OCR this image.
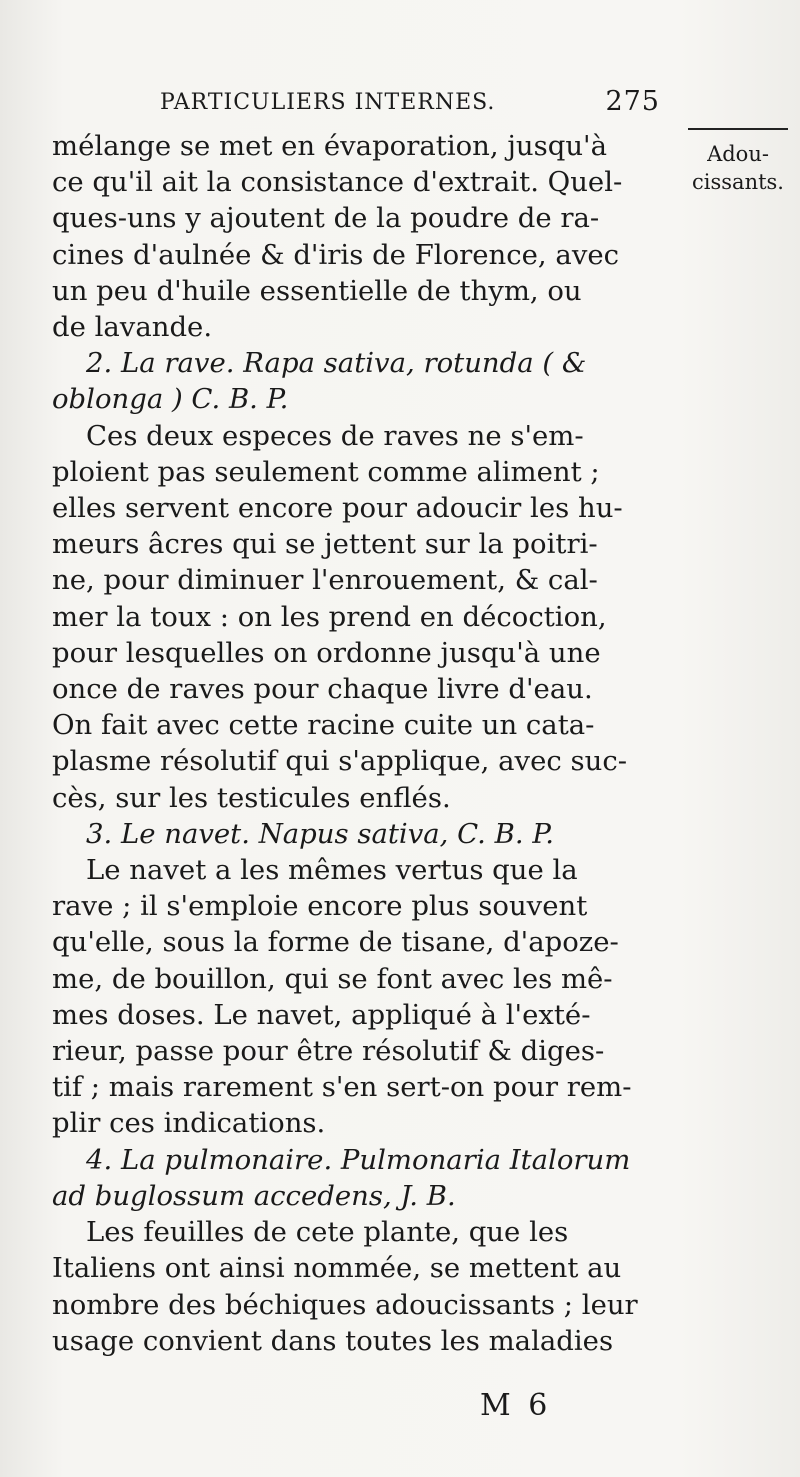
PARTICULIERS INTERNES.	275
Adou-
cissants.
mélange se met en évaporation, jusqu'à
ce qu'il ait la consistance d'extrait. Quel-
ques-uns y ajoutent de la poudre de ra-
cines d'aulnée & d'iris de Florence, avec
un peu d'huile essentielle de thym, ou
de lavande.
2. La rave. Rapa sativa, rotunda ( &
oblonga ) C. B. P.
Ces deux especes de raves ne s'em-
ploient pas seulement comme aliment ;
elles servent encore pour adoucir les hu-
meurs âcres qui se jettent sur la poitri-
ne, pour diminuer l'enrouement, & cal-
mer la toux : on les prend en décoction,
pour lesquelles on ordonne jusqu'à une
once de raves pour chaque livre d'eau.
On fait avec cette racine cuite un cata-
plasme résolutif qui s'applique, avec suc-
cès, sur les testicules enflés.
3. Le navet. Napus sativa, C. B. P.
Le navet a les mêmes vertus que la
rave ; il s'emploie encore plus souvent
qu'elle, sous la forme de tisane, d'apoze-
me, de bouillon, qui se font avec les mê-
mes doses. Le navet, appliqué à l'exté-
rieur, passe pour être résolutif & diges-
tif ; mais rarement s'en sert-on pour rem-
plir ces indications.
4. La pulmonaire. Pulmonaria Italorum
ad buglossum accedens, J. B.
Les feuilles de cete plante, que les
Italiens ont ainsi nommée, se mettent au
nombre des béchiques adoucissants ; leur
usage convient dans toutes les maladies
M 6
